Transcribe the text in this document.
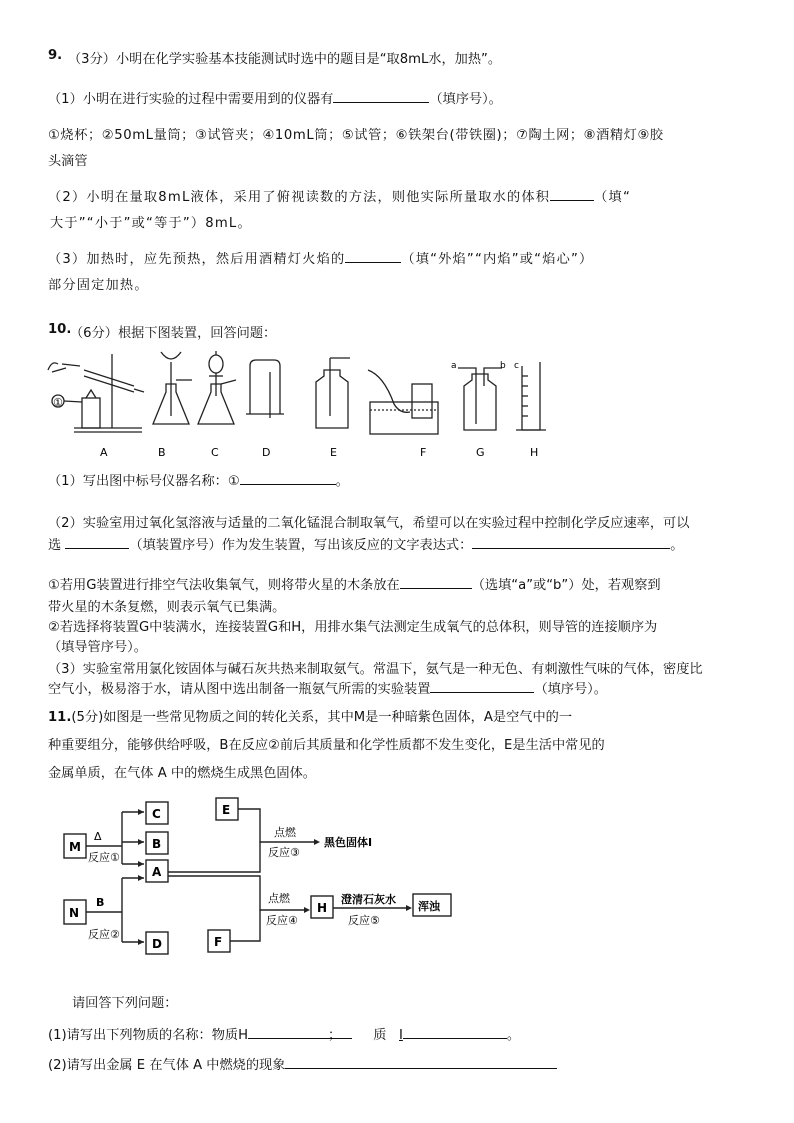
9. （3分）小明在化学实验基本技能测试时选中的题目是“取8mL水，加热”。
（1）小明在进行实验的过程中需要用到的仪器有	（填序号）。
①烧杯；②50mL量筒；③试管夹；④10mL筒；⑤试管；⑥铁架台(带铁圈)；⑦陶土网；⑧酒精灯⑨胶
头滴管
（2）小明在量取8mL液体，采用了俯视读数的方法，则他实际所量取水的体积	（填“
大于”“小于”或“等于”）8mL。
（3）加热时，应先预热，然后用酒精灯火焰的	（填“外焰”“内焰”或“焰心”）
部分固定加热。
10.
（6分）根据下图装置，回答问题：
①
a	b c
A	B	C	D	E	F	G	H
（1）写出图中标号仪器名称：①	。
（2）实验室用过氧化氢溶液与适量的二氧化锰混合制取氧气，希望可以在实验过程中控制化学反应速率，可以
选	（填装置序号）作为发生装置，写出该反应的文字表达式：	。
①若用G装置进行排空气法收集氧气，则将带火星的木条放在	（选填“a”或“b”）处，若观察到
带火星的木条复燃，则表示氧气已集满。
②若选择将装置G中装满水，连接装置G和H，用排水集气法测定生成氧气的总体积，则导管的连接顺序为
（填导管序号）。
（3）实验室常用氯化铵固体与碱石灰共热来制取氨气。常温下，氨气是一种无色、有刺激性气味的气体，密度比
空气小，极易溶于水，请从图中选出制备一瓶氨气所需的实验装置	（填序号）。
11.(5分)如图是一些常见物质之间的转化关系，其中M是一种暗紫色固体，A是空气中的一
种重要组分，能够供给呼吸，B在反应②前后其质量和化学性质都不发生变化，E是生活中常见的
金属单质，在气体 A 中的燃烧生成黑色固体。
M
N
C
B
A
D
E
F
H
Δ
反应①
B
反应②
点燃
反应③
黑色固体I
点燃
反应④
澄清石灰水
反应⑤
浑浊
请回答下列问题：
(1)请写出下列物质的名称：物质H	； 质 I	。
(2)请写出金属 E 在气体 A 中燃烧的现象
